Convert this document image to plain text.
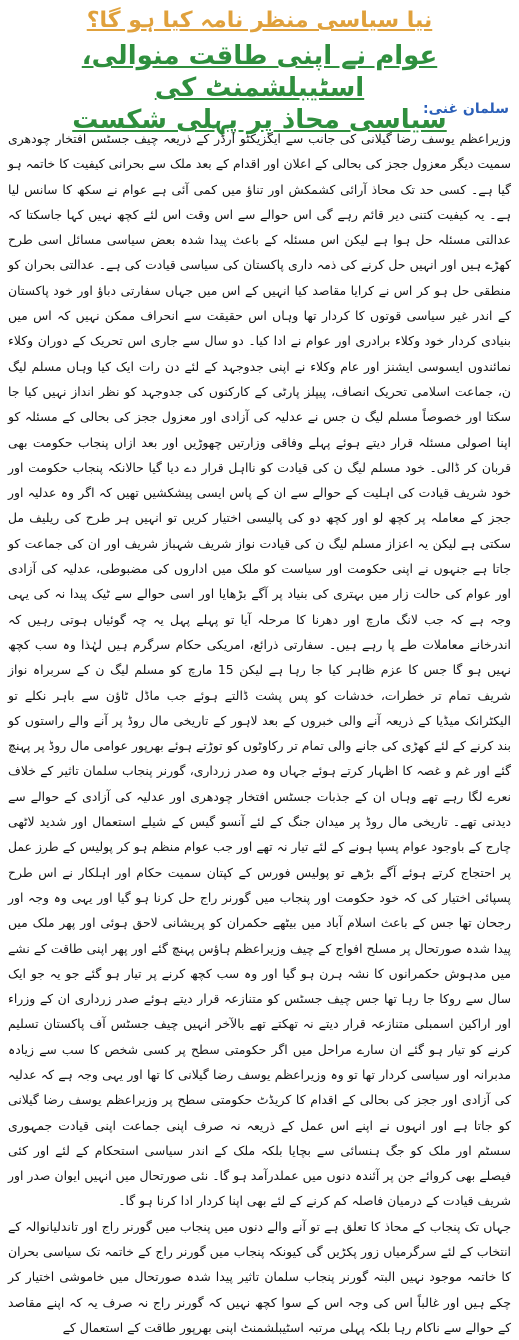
نیا سیاسی منظر نامہ کیا ہو گا؟
عوام نے اپنی طاقت منوالی، اسٹیبلشمنٹ کی
سیاسی محاذ پر پہلی شکست
سلمان غنی:

وزیراعظم یوسف رضا گیلانی کی جانب سے ایگزیکٹو آرڈر کے ذریعہ چیف جسٹس افتخار چودھری سمیت دیگر معزول ججز کی بحالی کے اعلان اور اقدام کے بعد ملک سے بحرانی کیفیت کا خاتمہ ہو گیا ہے۔ کسی حد تک محاذ آرائی کشمکش اور تناؤ میں کمی آئی ہے عوام نے سکھ کا سانس لیا ہے۔ یہ کیفیت کتنی دیر قائم رہے گی اس حوالے سے اس وقت اس لئے کچھ نہیں کہا جاسکتا کہ عدالتی مسئلہ حل ہوا ہے لیکن اس مسئلہ کے باعث پیدا شدہ بعض سیاسی مسائل اسی طرح کھڑے ہیں اور انہیں حل کرنے کی ذمہ داری پاکستان کی سیاسی قیادت کی ہے۔ عدالتی بحران کو منطقی حل ہو کر اس نے کرایا مقاصد کیا انہیں کے اس میں جہاں سفارتی دباؤ اور خود پاکستان کے اندر غیر سیاسی قوتوں کا کردار تھا وہاں اس حقیقت سے انحراف ممکن نہیں کہ اس میں بنیادی کردار خود وکلاء برادری اور عوام نے ادا کیا۔ دو سال سے جاری اس تحریک کے دوران وکلاء نمائندوں ایسوسی ایشنز اور عام وکلاء نے اپنی جدوجہد کے لئے دن رات ایک کیا وہاں مسلم لیگ ن، جماعت اسلامی تحریک انصاف، پیپلز پارٹی کے کارکنوں کی جدوجہد کو نظر انداز نہیں کیا جا سکتا اور خصوصاً مسلم لیگ ن جس نے عدلیہ کی آزادی اور معزول ججز کی بحالی کے مسئلہ کو اپنا اصولی مسئلہ قرار دیتے ہوئے پہلے وفاقی وزارتیں چھوڑیں اور بعد ازاں پنجاب حکومت بھی قربان کر ڈالی۔ خود مسلم لیگ ن کی قیادت کو نااہل قرار دے دیا گیا حالانکہ پنجاب حکومت اور خود شریف قیادت کی اہلیت کے حوالے سے ان کے پاس ایسی پیشکشیں تھیں کہ اگر وہ عدلیہ اور ججز کے معاملہ پر کچھ لو اور کچھ دو کی پالیسی اختیار کریں تو انہیں ہر طرح کی ریلیف مل سکتی ہے لیکن یہ اعزاز مسلم لیگ ن کی قیادت نواز شریف شہباز شریف اور ان کی جماعت کو جاتا ہے جنہوں نے اپنی حکومت اور سیاست کو ملک میں اداروں کی مضبوطی، عدلیہ کی آزادی اور عوام کی حالت زار میں بہتری کی بنیاد پر آگے بڑھایا اور اسی حوالے سے ٹیک پیدا نہ کی یہی وجہ ہے کہ جب لانگ مارچ اور دھرنا کا مرحلہ آیا تو پہلے پہل یہ چہ گوئیاں ہوتی رہیں کہ اندرخانے معاملات طے پا رہے ہیں۔ سفارتی ذرائع، امریکی حکام سرگرم ہیں لہٰذا وہ سب کچھ نہیں ہو گا جس کا عزم ظاہر کیا جا رہا ہے لیکن 15 مارچ کو مسلم لیگ ن کے سربراہ نواز شریف تمام تر خطرات، خدشات کو پس پشت ڈالتے ہوئے جب ماڈل ٹاؤن سے باہر نکلے تو الیکٹرانک میڈیا کے ذریعہ آنے والی خبروں کے بعد لاہور کے تاریخی مال روڈ پر آنے والے راستوں کو بند کرنے کے لئے کھڑی کی جانے والی تمام تر رکاوٹوں کو توڑتے ہوئے بھرپور عوامی مال روڈ پر پہنچ گئے اور غم و غصہ کا اظہار کرتے ہوئے جہاں وہ صدر زرداری، گورنر پنجاب سلمان تاثیر کے خلاف نعرے لگا رہے تھے وہاں ان کے جذبات جسٹس افتخار چودھری اور عدلیہ کی آزادی کے حوالے سے دیدنی تھے۔ تاریخی مال روڈ پر میدان جنگ کے لئے آنسو گیس کے شیلے استعمال اور شدید لاٹھی چارج کے باوجود عوام پسپا ہونے کے لئے تیار نہ تھے اور جب عوام منظم ہو کر پولیس کے طرز عمل پر احتجاج کرتے ہوئے آگے بڑھے تو پولیس فورس کے کپتان سمیت حکام اور اہلکار نے اس طرح پسپائی اختیار کی کہ خود حکومت اور پنجاب میں گورنر راج حل کرنا ہو گیا اور یہی وہ وجہ اور رجحان تھا جس کے باعث اسلام آباد میں بیٹھے حکمران کو پریشانی لاحق ہوئی اور پھر ملک میں پیدا شدہ صورتحال پر مسلح افواج کے چیف وزیراعظم ہاؤس پہنچ گئے اور پھر اپنی طاقت کے نشے میں مدہوش حکمرانوں کا نشہ ہرن ہو گیا اور وہ سب کچھ کرنے پر تیار ہو گئے جو یہ جو ایک سال سے روکا جا رہا تھا جس چیف جسٹس کو متنازعہ قرار دیتے ہوئے صدر زرداری ان کے وزراء اور اراکین اسمبلی متنازعہ قرار دیتے نہ تھکتے تھے بالآخر انہیں چیف جسٹس آف پاکستان تسلیم کرنے کو تیار ہو گئے ان سارے مراحل میں اگر حکومتی سطح پر کسی شخص کا سب سے زیادہ مدبرانہ اور سیاسی کردار تھا تو وہ وزیراعظم یوسف رضا گیلانی کا تھا اور یہی وجہ ہے کہ عدلیہ کی آزادی اور ججز کی بحالی کے اقدام کا کریڈٹ حکومتی سطح پر وزیراعظم یوسف رضا گیلانی کو جاتا ہے اور انہوں نے اپنے اس عمل کے ذریعہ نہ صرف اپنی جماعت اپنی قیادت جمہوری سسٹم اور ملک کو جگ ہنسائی سے بچایا بلکہ ملک کے اندر سیاسی استحکام کے لئے اور کئی فیصلے بھی کروائے جن پر آئندہ دنوں میں عملدرآمد ہو گا۔ نئی صورتحال میں انہیں ایوان صدر اور شریف قیادت کے درمیان فاصلہ کم کرنے کے لئے بھی اپنا کردار ادا کرنا ہو گا۔

جہاں تک پنجاب کے محاذ کا تعلق ہے تو آنے والے دنوں میں پنجاب میں گورنر راج اور تاندلیانوالہ کے انتخاب کے لئے سرگرمیاں زور پکڑیں گی کیونکہ پنجاب میں گورنر راج کے خاتمہ تک سیاسی بحران کا خاتمہ موجود نہیں البتہ گورنر پنجاب سلمان تاثیر پیدا شدہ صورتحال میں خاموشی اختیار کر چکے ہیں اور غالباً اس کی وجہ اس کے سوا کچھ نہیں کہ گورنر راج نہ صرف یہ کہ اپنے مقاصد کے حوالے سے ناکام رہا بلکہ پہلی مرتبہ اسٹیبلشمنٹ اپنی بھرپور طاقت کے استعمال کے
